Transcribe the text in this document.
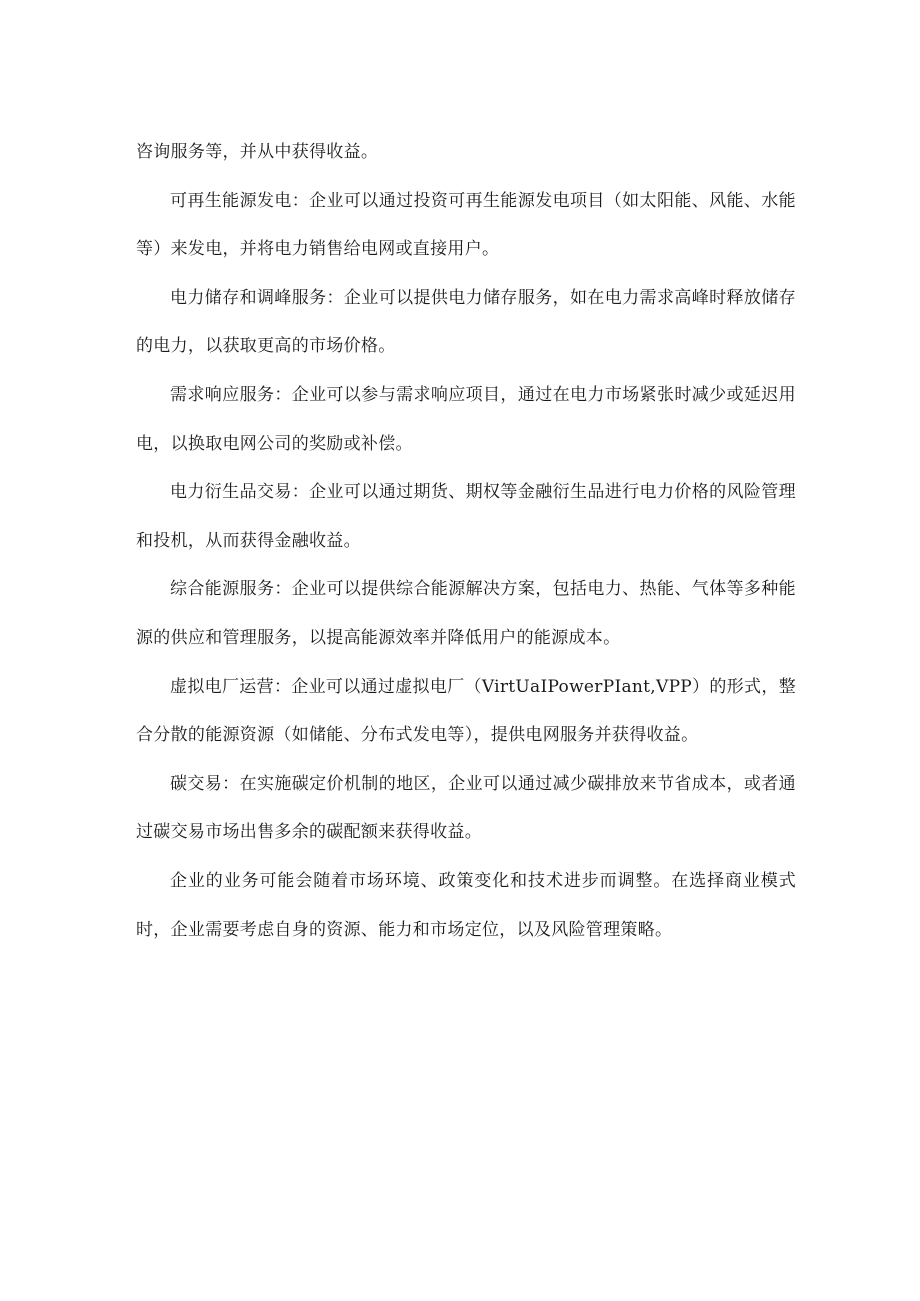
咨询服务等，并从中获得收益。

可再生能源发电：企业可以通过投资可再生能源发电项目（如太阳能、风能、水能等）来发电，并将电力销售给电网或直接用户。

电力储存和调峰服务：企业可以提供电力储存服务，如在电力需求高峰时释放储存的电力，以获取更高的市场价格。

需求响应服务：企业可以参与需求响应项目，通过在电力市场紧张时减少或延迟用电，以换取电网公司的奖励或补偿。

电力衍生品交易：企业可以通过期货、期权等金融衍生品进行电力价格的风险管理和投机，从而获得金融收益。

综合能源服务：企业可以提供综合能源解决方案，包括电力、热能、气体等多种能源的供应和管理服务，以提高能源效率并降低用户的能源成本。

虚拟电厂运营：企业可以通过虚拟电厂（VirtUaIPowerPIant,VPP）的形式，整合分散的能源资源（如储能、分布式发电等），提供电网服务并获得收益。

碳交易：在实施碳定价机制的地区，企业可以通过减少碳排放来节省成本，或者通过碳交易市场出售多余的碳配额来获得收益。

企业的业务可能会随着市场环境、政策变化和技术进步而调整。在选择商业模式时，企业需要考虑自身的资源、能力和市场定位，以及风险管理策略。
